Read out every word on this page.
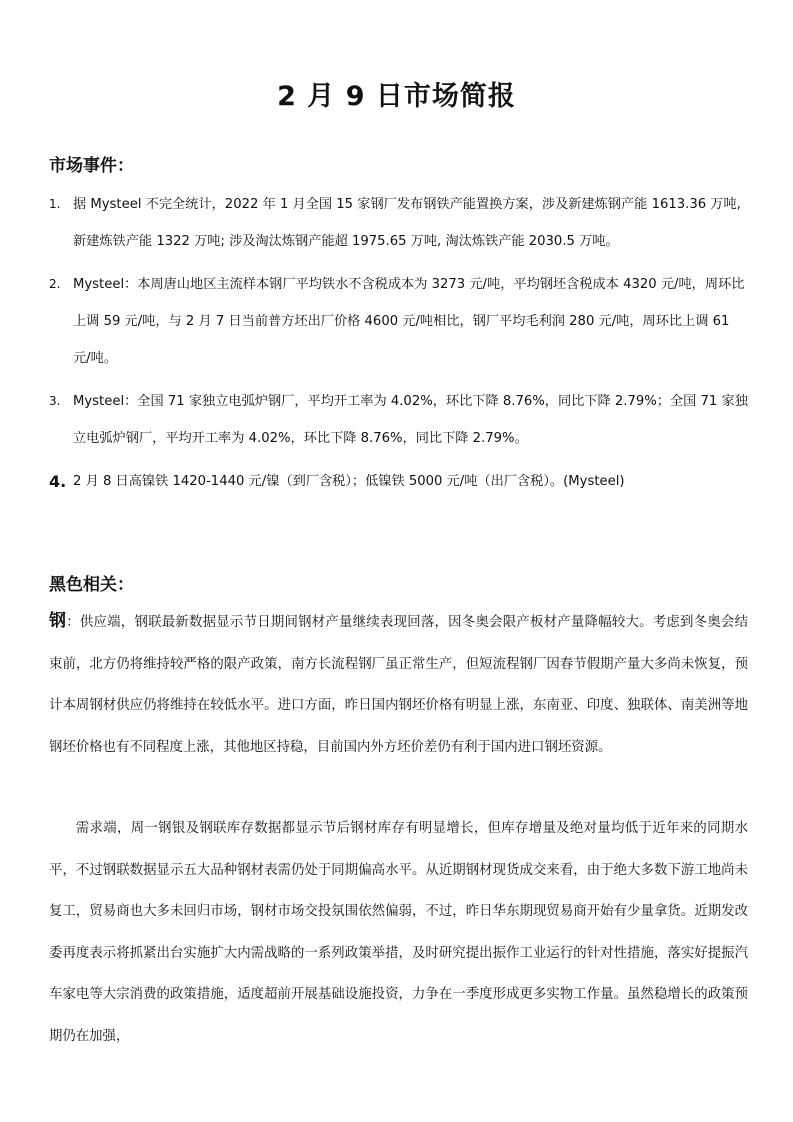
2 月 9 日市场简报
市场事件：
1. 据 Mysteel 不完全统计，2022 年 1 月全国 15 家钢厂发布钢铁产能置换方案，涉及新建炼钢产能 1613.36 万吨, 新建炼铁产能 1322 万吨; 涉及淘汰炼钢产能超 1975.65 万吨, 淘汰炼铁产能 2030.5 万吨。
2. Mysteel：本周唐山地区主流样本钢厂平均铁水不含税成本为 3273 元/吨，平均钢坯含税成本 4320 元/吨，周环比上调 59 元/吨，与 2 月 7 日当前普方坯出厂价格 4600 元/吨相比，钢厂平均毛利润 280 元/吨，周环比上调 61 元/吨。
3. Mysteel：全国 71 家独立电弧炉钢厂，平均开工率为 4.02%，环比下降 8.76%，同比下降 2.79%；全国 71 家独立电弧炉钢厂，平均开工率为 4.02%，环比下降 8.76%，同比下降 2.79%。
4. 2 月 8 日高镍铁 1420-1440 元/镍（到厂含税）；低镍铁 5000 元/吨（出厂含税）。(Mysteel)
黑色相关：

钢：供应端，钢联最新数据显示节日期间钢材产量继续表现回落，因冬奥会限产板材产量降幅较大。考虑到冬奥会结束前，北方仍将维持较严格的限产政策，南方长流程钢厂虽正常生产，但短流程钢厂因春节假期产量大多尚未恢复，预计本周钢材供应仍将维持在较低水平。进口方面，昨日国内钢坯价格有明显上涨，东南亚、印度、独联体、南美洲等地钢坯价格也有不同程度上涨，其他地区持稳，目前国内外方坯价差仍有利于国内进口钢坯资源。

需求端，周一钢银及钢联库存数据都显示节后钢材库存有明显增长，但库存增量及绝对量均低于近年来的同期水平，不过钢联数据显示五大品种钢材表需仍处于同期偏高水平。从近期钢材现货成交来看，由于绝大多数下游工地尚未复工，贸易商也大多未回归市场，钢材市场交投氛围依然偏弱，不过，昨日华东期现贸易商开始有少量拿货。近期发改委再度表示将抓紧出台实施扩大内需战略的一系列政策举措，及时研究提出振作工业运行的针对性措施，落实好提振汽车家电等大宗消费的政策措施，适度超前开展基础设施投资，力争在一季度形成更多实物工作量。虽然稳增长的政策预期仍在加强，
